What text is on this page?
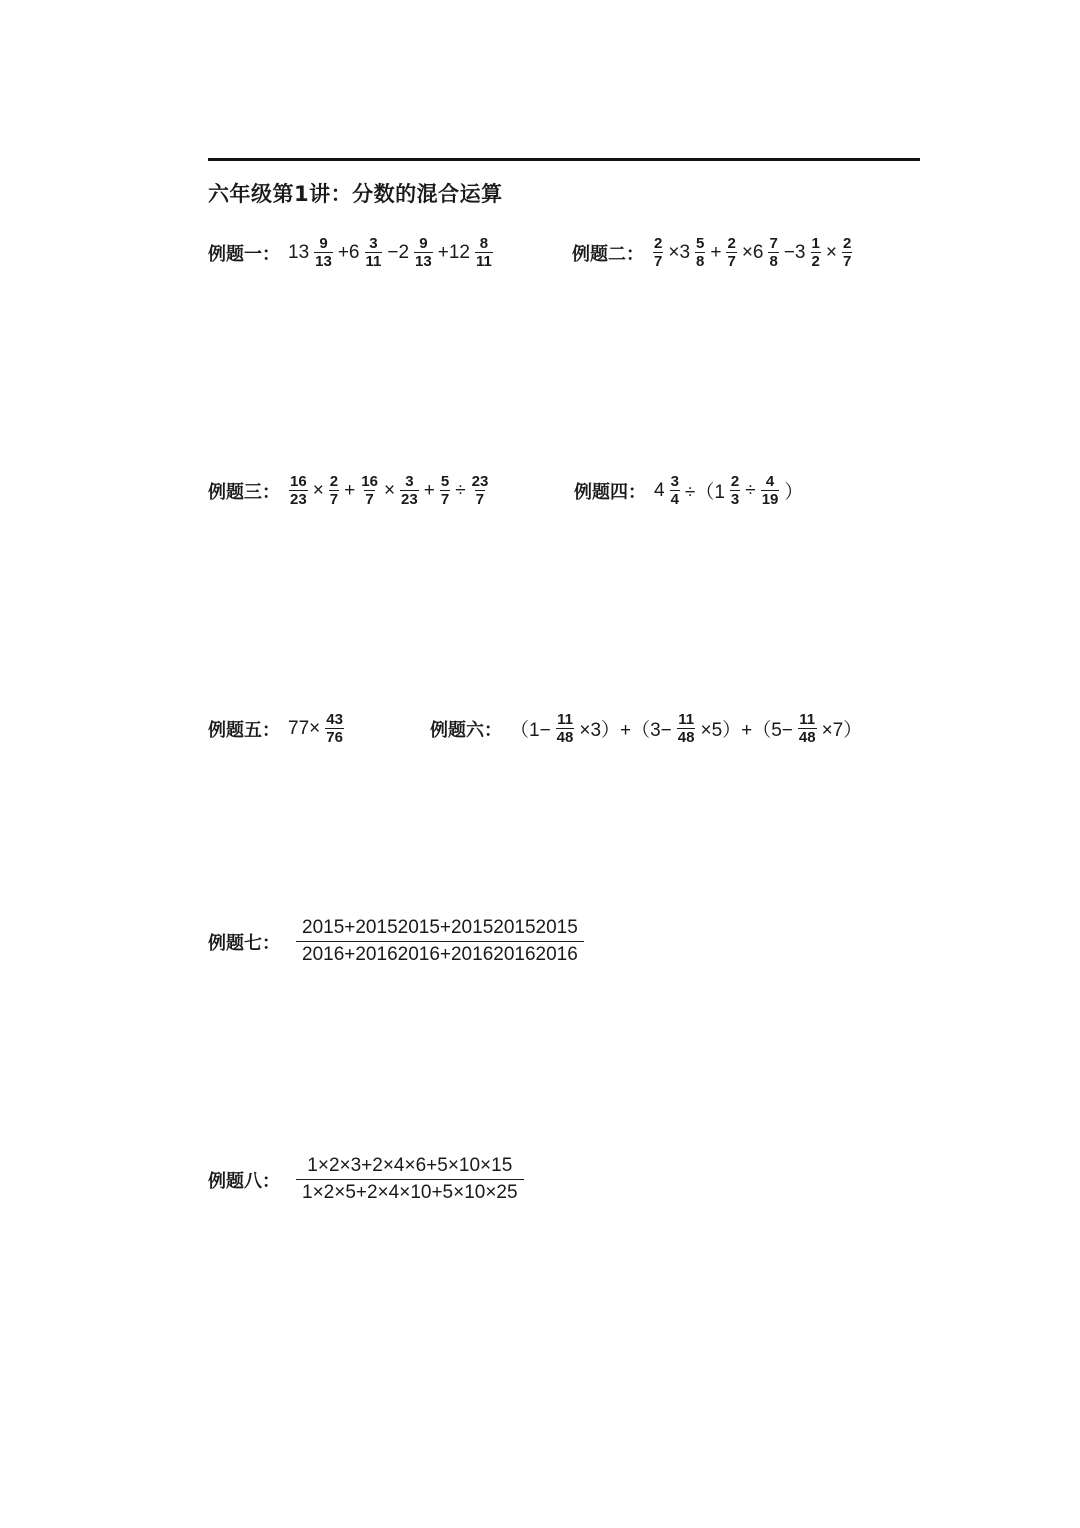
六年级第1讲：分数的混合运算
例题一： $13 \frac{9}{13} +6 \frac{3}{11} -2 \frac{9}{13} +12 \frac{8}{11}$	例题二： $\frac{2}{7} \times 3 \frac{5}{8} + \frac{2}{7} \times 6 \frac{7}{8} -3 \frac{1}{2} \times \frac{2}{7}$
例题三： $\frac{16}{23} \times \frac{2}{7} + \frac{16}{7} \times \frac{3}{23} + \frac{5}{7} \div \frac{23}{7}$	例题四： $4 \frac{3}{4} \div(1 \frac{2}{3} \div \frac{4}{19}$ ）
例题五： $77\times \frac{43}{76}$	例题六： $(1- \frac{11}{48} \times 3)+(3- \frac{11}{48} \times 5)+(5- \frac{11}{48} \times 7)$
例题七： $\frac{2015+20152015+201520152015}{2016+20162016+201620162016}$
例题八： $\frac{1\times 2\times 3+2\times 4\times 6+5\times 10\times 15}{1\times 2\times 5+2\times 4\times 10+5\times 10\times 25}$
